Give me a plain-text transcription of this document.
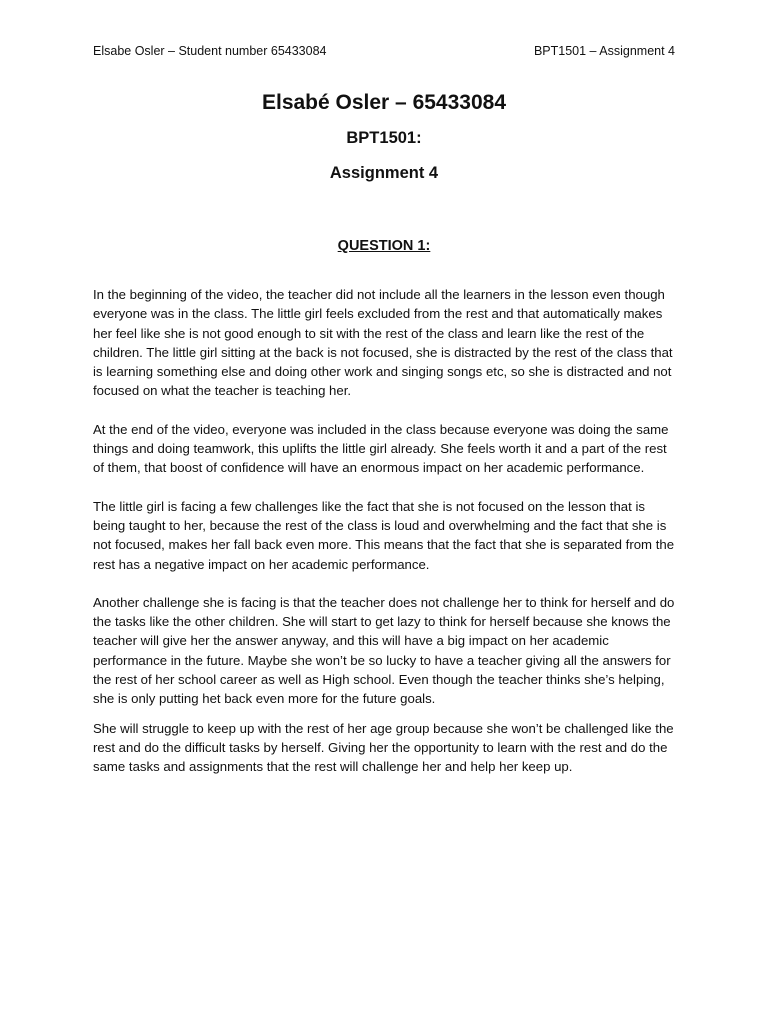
Elsabe Osler – Student number 65433084	BPT1501 – Assignment 4

Elsabé Osler – 65433084

BPT1501:

Assignment 4

QUESTION 1:

In the beginning of the video, the teacher did not include all the learners in the lesson even though everyone was in the class. The little girl feels excluded from the rest and that automatically makes her feel like she is not good enough to sit with the rest of the class and learn like the rest of the children. The little girl sitting at the back is not focused, she is distracted by the rest of the class that is learning something else and doing other work and singing songs etc, so she is distracted and not focused on what the teacher is teaching her.

At the end of the video, everyone was included in the class because everyone was doing the same things and doing teamwork, this uplifts the little girl already. She feels worth it and a part of the rest of them, that boost of confidence will have an enormous impact on her academic performance.

The little girl is facing a few challenges like the fact that she is not focused on the lesson that is being taught to her, because the rest of the class is loud and overwhelming and the fact that she is not focused, makes her fall back even more. This means that the fact that she is separated from the rest has a negative impact on her academic performance.

Another challenge she is facing is that the teacher does not challenge her to think for herself and do the tasks like the other children. She will start to get lazy to think for herself because she knows the teacher will give her the answer anyway, and this will have a big impact on her academic performance in the future. Maybe she won’t be so lucky to have a teacher giving all the answers for the rest of her school career as well as High school. Even though the teacher thinks she’s helping, she is only putting het back even more for the future goals.

She will struggle to keep up with the rest of her age group because she won’t be challenged like the rest and do the difficult tasks by herself. Giving her the opportunity to learn with the rest and do the same tasks and assignments that the rest will challenge her and help her keep up.
